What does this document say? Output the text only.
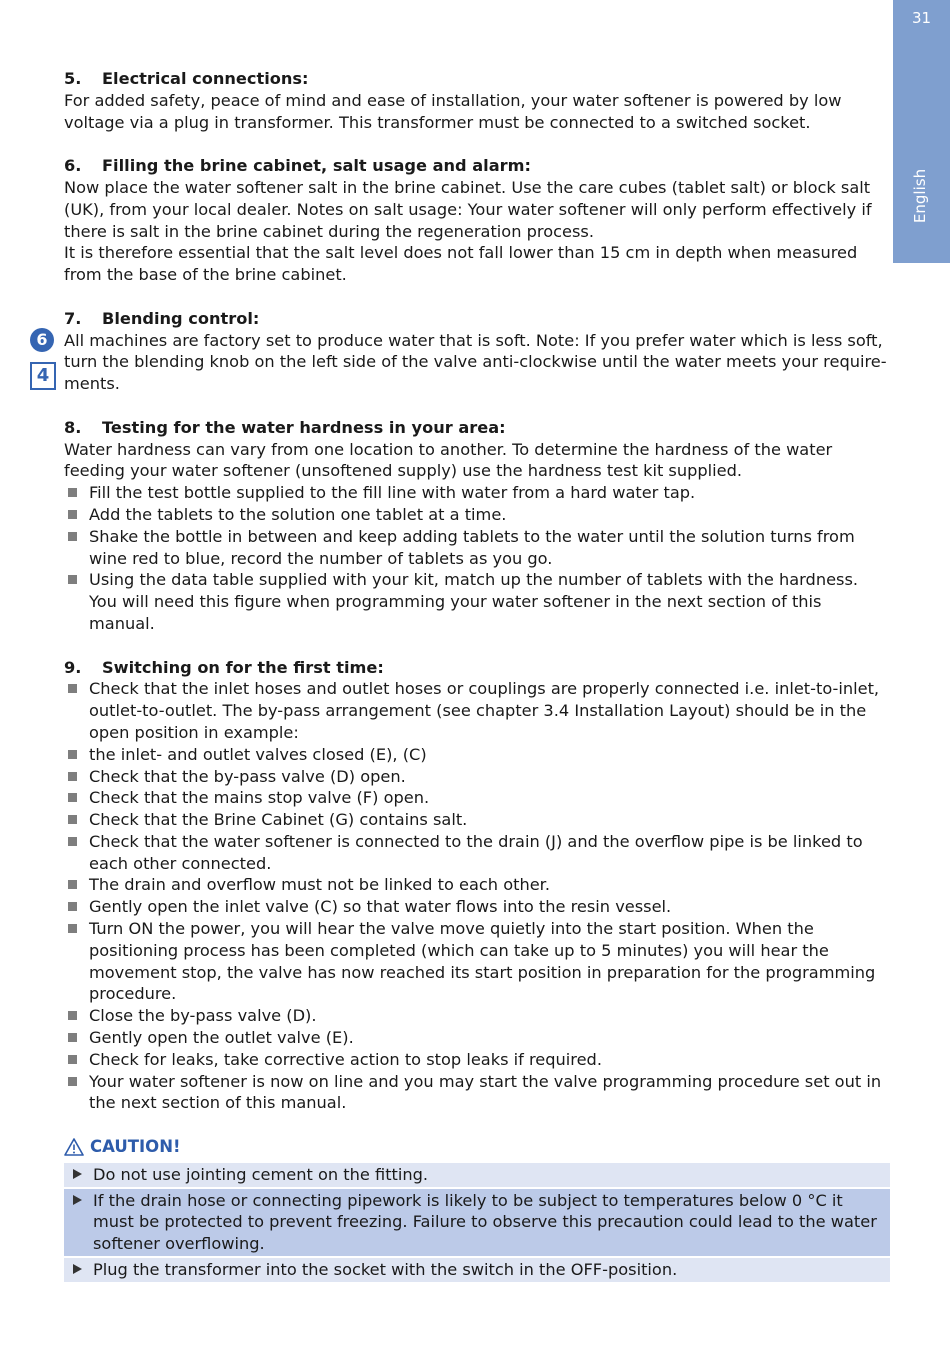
31
English
6
4
5. Electrical connections:

For added safety, peace of mind and ease of installation, your water softener is powered by low voltage via a plug in transformer. This transformer must be connected to a switched socket.

6. Filling the brine cabinet, salt usage and alarm:

Now place the water softener salt in the brine cabinet. Use the care cubes (tablet salt) or block salt (UK), from your local dealer. Notes on salt usage: Your water softener will only perform effectively if there is salt in the brine cabinet during the regeneration process.

It is therefore essential that the salt level does not fall lower than 15 cm in depth when measured from the base of the brine cabinet.

7. Blending control:

All machines are factory set to produce water that is soft. Note: If you prefer water which is less soft, turn the blending knob on the left side of the valve anti-clockwise until the water meets your require-ments.

8. Testing for the water hardness in your area:

Water hardness can vary from one location to another. To determine the hardness of the water feeding your water softener (unsoftened supply) use the hardness test kit supplied.

Fill the test bottle supplied to the fill line with water from a hard water tap.
Add the tablets to the solution one tablet at a time.
Shake the bottle in between and keep adding tablets to the water until the solution turns from wine red to blue, record the number of tablets as you go.
Using the data table supplied with your kit, match up the number of tablets with the hardness. You will need this figure when programming your water softener in the next section of this manual.
9. Switching on for the first time:
Check that the inlet hoses and outlet hoses or couplings are properly connected i.e. inlet-to-inlet, outlet-to-outlet. The by-pass arrangement (see chapter 3.4 Installation Layout) should be in the open position in example:
the inlet- and outlet valves closed (E), (C)
Check that the by-pass valve (D) open.
Check that the mains stop valve (F) open.
Check that the Brine Cabinet (G) contains salt.
Check that the water softener is connected to the drain (J) and the overflow pipe is be linked to each other connected.
The drain and overflow must not be linked to each other.
Gently open the inlet valve (C) so that water flows into the resin vessel.
Turn ON the power, you will hear the valve move quietly into the start position. When the positioning process has been completed (which can take up to 5 minutes) you will hear the movement stop, the valve has now reached its start position in preparation for the programming procedure.
Close the by-pass valve (D).
Gently open the outlet valve (E).
Check for leaks, take corrective action to stop leaks if required.
Your water softener is now on line and you may start the valve programming procedure set out in the next section of this manual.
CAUTION!
Do not use jointing cement on the fitting.
If the drain hose or connecting pipework is likely to be subject to temperatures below 0 °C it must be protected to prevent freezing. Failure to observe this precaution could lead to the water softener overflowing.
Plug the transformer into the socket with the switch in the OFF-position.
